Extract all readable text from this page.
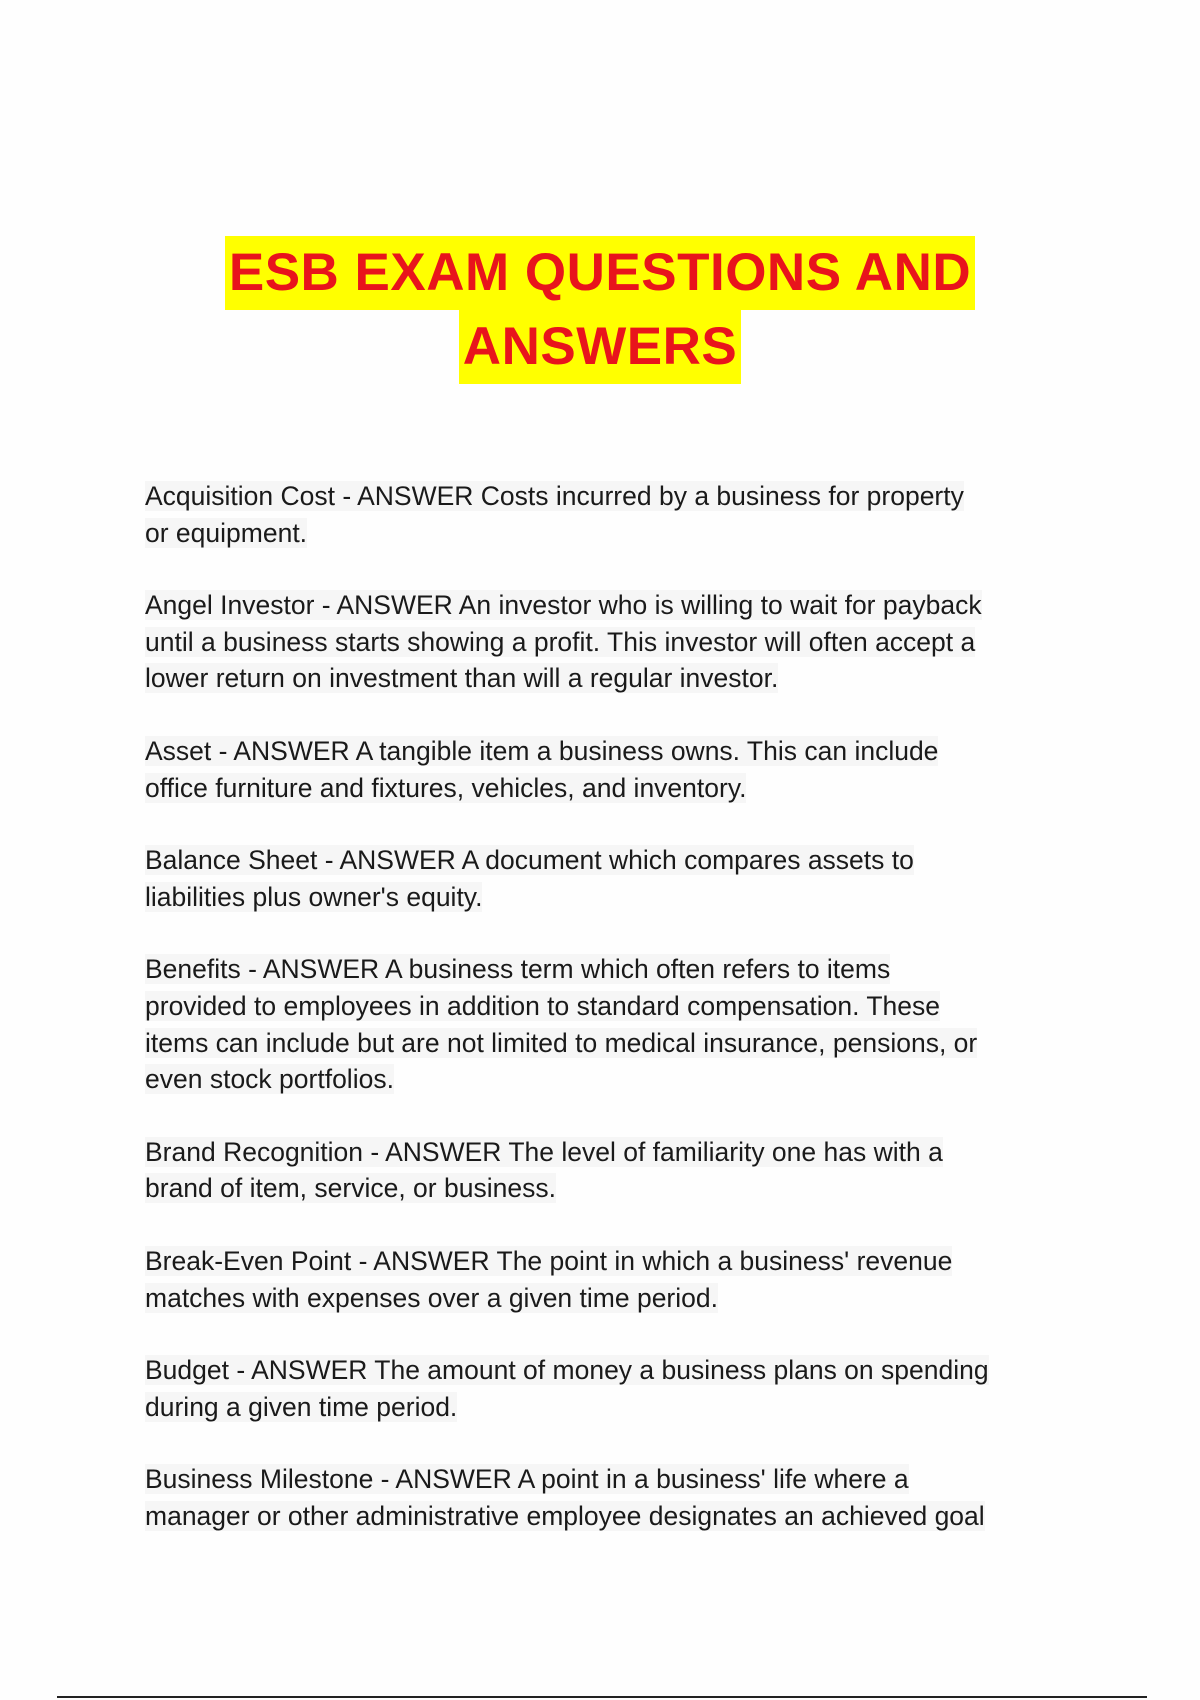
ESB EXAM QUESTIONS AND
ANSWERS

Acquisition Cost - ANSWER Costs incurred by a business for property

or equipment.

Angel Investor - ANSWER An investor who is willing to wait for payback

until a business starts showing a profit. This investor will often accept a

lower return on investment than will a regular investor.

Asset - ANSWER A tangible item a business owns. This can include

office furniture and fixtures, vehicles, and inventory.

Balance Sheet - ANSWER A document which compares assets to

liabilities plus owner's equity.

Benefits - ANSWER A business term which often refers to items

provided to employees in addition to standard compensation. These

items can include but are not limited to medical insurance, pensions, or

even stock portfolios.

Brand Recognition - ANSWER The level of familiarity one has with a

brand of item, service, or business.

Break-Even Point - ANSWER The point in which a business' revenue

matches with expenses over a given time period.

Budget - ANSWER The amount of money a business plans on spending

during a given time period.

Business Milestone - ANSWER A point in a business' life where a

manager or other administrative employee designates an achieved goal
